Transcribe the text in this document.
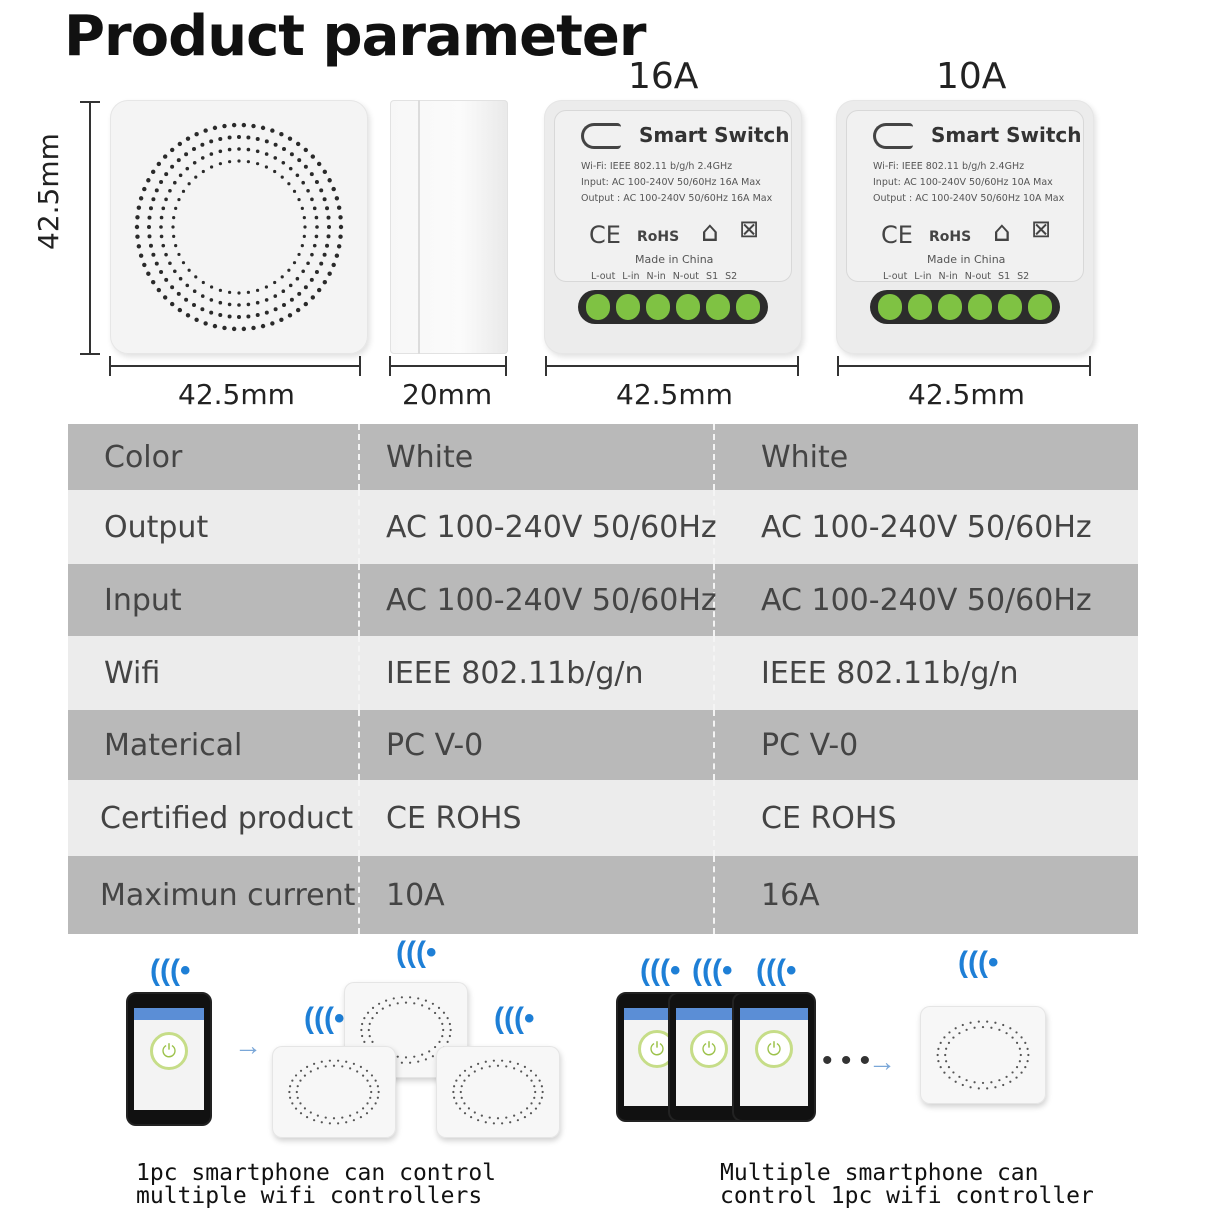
Product parameter
16A	10A
42.5mm	Smart Switch
Wi-Fi: IEEE 802.11 b/g/h 2.4GHz
Input: AC 100-240V 50/60Hz 16A Max
Output : AC 100-240V 50/60Hz 16A Max
CE RoHS ⌂ ⊠
Made in China
L-out L-in N-in N-out S1 S2
Smart Switch
Wi-Fi: IEEE 802.11 b/g/h 2.4GHz
Input: AC 100-240V 50/60Hz 10A Max
Output : AC 100-240V 50/60Hz 10A Max
CE RoHS ⌂ ⊠
Made in China
L-out L-in N-in N-out S1 S2
42.5mm	20mm	42.5mm	42.5mm
Color	White	White
Output	AC 100-240V 50/60Hz	AC 100-240V 50/60Hz
Input	AC 100-240V 50/60Hz	AC 100-240V 50/60Hz
Wifi	IEEE 802.11b/g/n	IEEE 802.11b/g/n
Materical	PC V-0	PC V-0
Certified product	CE ROHS	CE ROHS
Maximun current	10A	16A
(((•
⏻
→
(((•
(((•	(((•
(((• (((• (((•
⏻
⏻
⏻
• • •
→
(((•
1pc smartphone can control
multiple wifi controllers
Multiple smartphone can
control 1pc wifi controller
